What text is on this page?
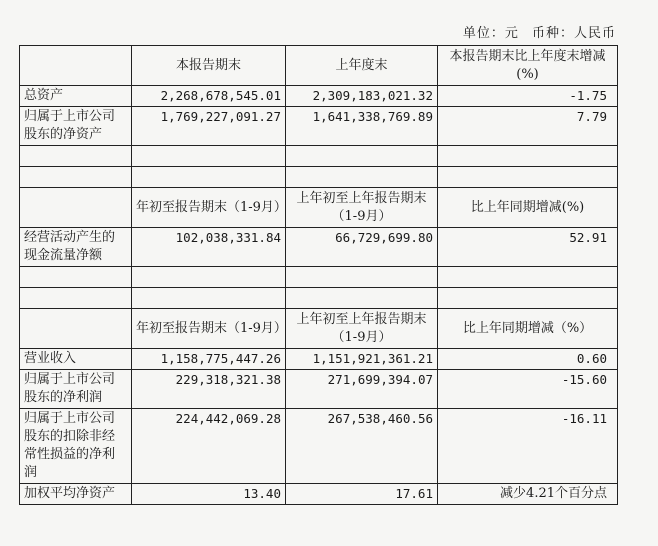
单位：元 币种：人民币
	本报告期末	上年度末	本报告期末比上年度末增减(%)
总资产	2,268,678,545.01	2,309,183,021.32	-1.75
归属于上市公司股东的净资产	1,769,227,091.27	1,641,338,769.89	7.79

	年初至报告期末（1-9月）	上年初至上年报告期末（1-9月）	比上年同期增减(%)
经营活动产生的现金流量净额	102,038,331.84	66,729,699.80	52.91

	年初至报告期末（1-9月）	上年初至上年报告期末（1-9月）	比上年同期增减（%）
营业收入	1,158,775,447.26	1,151,921,361.21	0.60
归属于上市公司股东的净利润	229,318,321.38	271,699,394.07	-15.60
归属于上市公司股东的扣除非经常性损益的净利润	224,442,069.28	267,538,460.56	-16.11
加权平均净资产	13.40	17.61	减少4.21个百分点
